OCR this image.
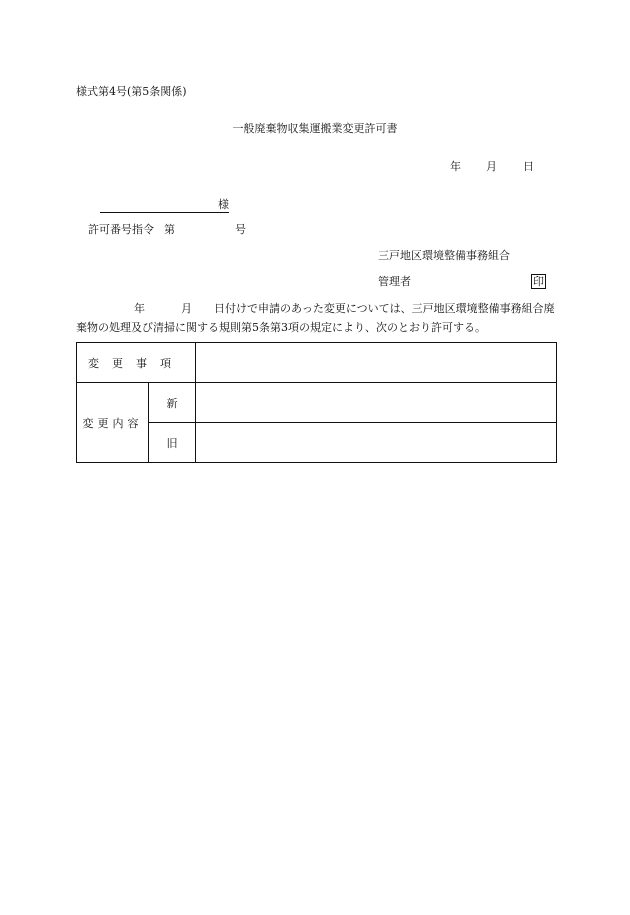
様式第4号(第5条関係)
一般廃棄物収集運搬業変更許可書
年 月 日
様
許可番号指令 第	号
三戸地区環境整備事務組合
管理者	印
年	月 日付けで申請のあった変更については、三戸地区環境整備事務組合廃棄物の処理及び清掃に関する規則第5条第3項の規定により、次のとおり許可する。
変更事項		
変更内容	新	
	旧	
